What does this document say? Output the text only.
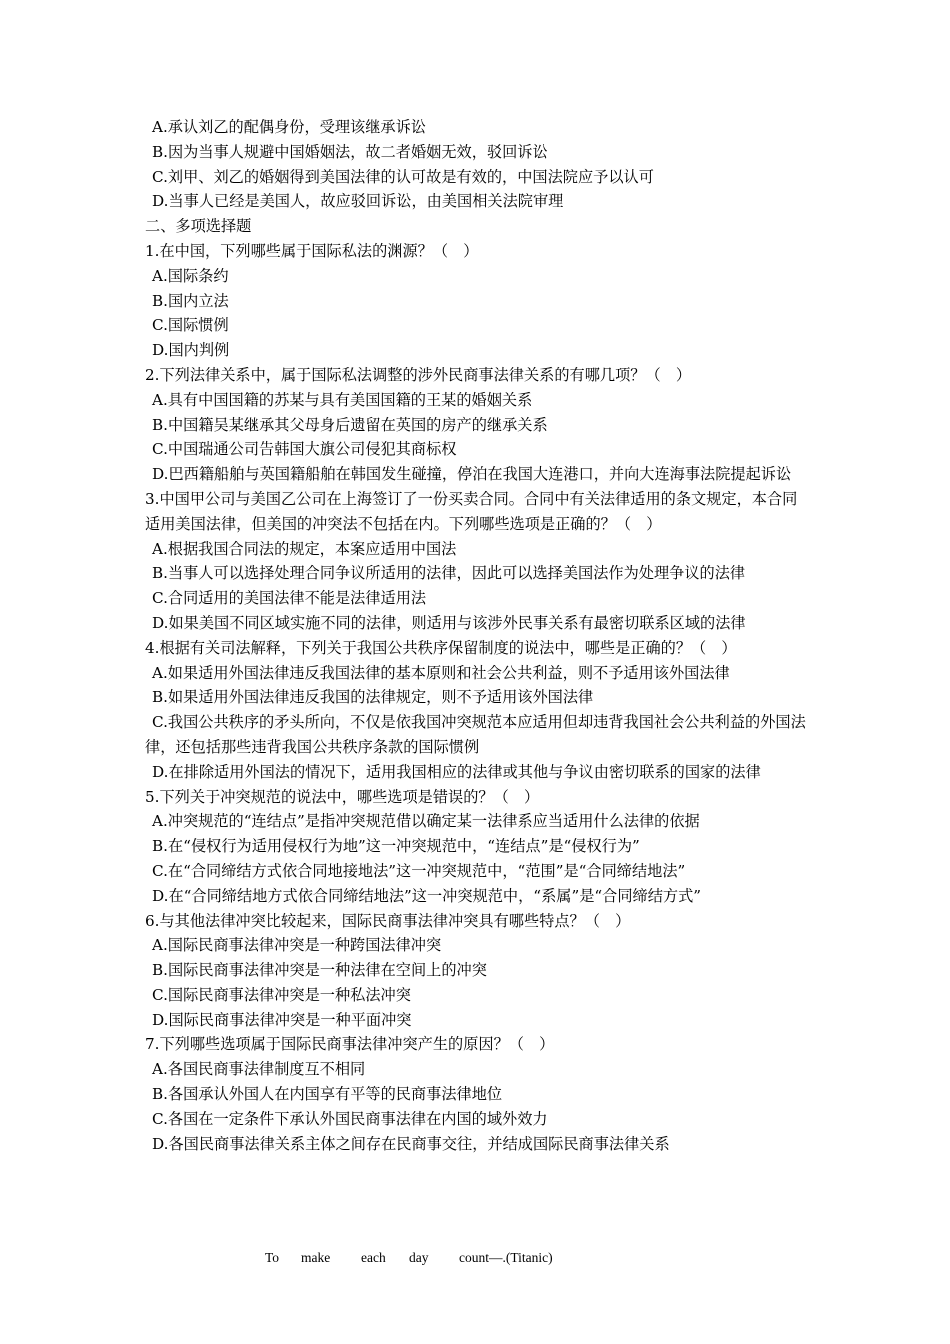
A.承认刘乙的配偶身份，受理该继承诉讼
B.因为当事人规避中国婚姻法，故二者婚姻无效，驳回诉讼
C.刘甲、刘乙的婚姻得到美国法律的认可故是有效的，中国法院应予以认可
D.当事人已经是美国人，故应驳回诉讼，由美国相关法院审理
二、多项选择题
1.在中国，下列哪些属于国际私法的渊源？（　）
A.国际条约
B.国内立法
C.国际惯例
D.国内判例
2.下列法律关系中，属于国际私法调整的涉外民商事法律关系的有哪几项？（　）
A.具有中国国籍的苏某与具有美国国籍的王某的婚姻关系
B.中国籍吴某继承其父母身后遗留在英国的房产的继承关系
C.中国瑞通公司告韩国大旗公司侵犯其商标权
D.巴西籍船舶与英国籍船舶在韩国发生碰撞，停泊在我国大连港口，并向大连海事法院提起诉讼
3.中国甲公司与美国乙公司在上海签订了一份买卖合同。合同中有关法律适用的条文规定，本合同适用美国法律，但美国的冲突法不包括在内。下列哪些选项是正确的？（　）
A.根据我国合同法的规定，本案应适用中国法
B.当事人可以选择处理合同争议所适用的法律，因此可以选择美国法作为处理争议的法律
C.合同适用的美国法律不能是法律适用法
D.如果美国不同区域实施不同的法律，则适用与该涉外民事关系有最密切联系区域的法律
4.根据有关司法解释，下列关于我国公共秩序保留制度的说法中，哪些是正确的？（　）
A.如果适用外国法律违反我国法律的基本原则和社会公共利益，则不予适用该外国法律
B.如果适用外国法律违反我国的法律规定，则不予适用该外国法律
C.我国公共秩序的矛头所向，不仅是依我国冲突规范本应适用但却违背我国社会公共利益的外国法律，还包括那些违背我国公共秩序条款的国际惯例
D.在排除适用外国法的情况下，适用我国相应的法律或其他与争议由密切联系的国家的法律
5.下列关于冲突规范的说法中，哪些选项是错误的？（　）
A.冲突规范的“连结点”是指冲突规范借以确定某一法律系应当适用什么法律的依据
B.在“侵权行为适用侵权行为地”这一冲突规范中，“连结点”是“侵权行为”
C.在“合同缔结方式依合同地接地法”这一冲突规范中，“范围”是“合同缔结地法”
D.在“合同缔结地方式依合同缔结地法”这一冲突规范中，“系属”是“合同缔结方式”
6.与其他法律冲突比较起来，国际民商事法律冲突具有哪些特点？（　）
A.国际民商事法律冲突是一种跨国法律冲突
B.国际民商事法律冲突是一种法律在空间上的冲突
C.国际民商事法律冲突是一种私法冲突
D.国际民商事法律冲突是一种平面冲突
7.下列哪些选项属于国际民商事法律冲突产生的原因？（　）
A.各国民商事法律制度互不相同
B.各国承认外国人在内国享有平等的民商事法律地位
C.各国在一定条件下承认外国民商事法律在内国的域外效力
D.各国民商事法律关系主体之间存在民商事交往，并结成国际民商事法律关系
To make each day count—.(Titanic)
